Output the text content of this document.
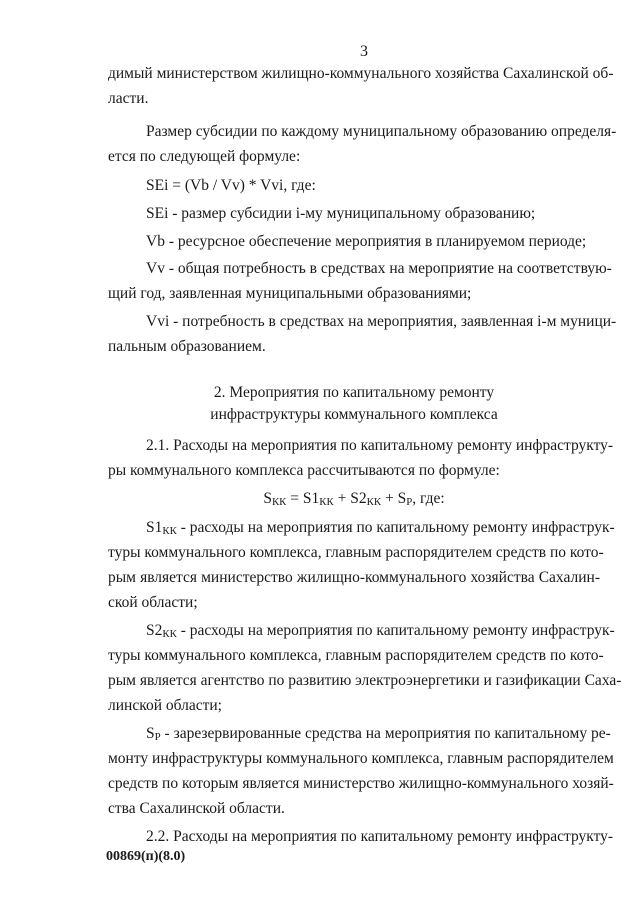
3
димый министерством жилищно-коммунального хозяйства Сахалинской об-
ласти.
Размер субсидии по каждому муниципальному образованию определя-
ется по следующей формуле:
SEi = (Vb / Vv) * Vvi, где:
SEi - размер субсидии i-му муниципальному образованию;
Vb - ресурсное обеспечение мероприятия в планируемом периоде;
Vv - общая потребность в средствах на мероприятие на соответствую-
щий год, заявленная муниципальными образованиями;
Vvi - потребность в средствах на мероприятия, заявленная i-м муници-
пальным образованием.
2. Мероприятия по капитальному ремонту
инфраструктуры коммунального комплекса
2.1. Расходы на мероприятия по капитальному ремонту инфраструкту-
ры коммунального комплекса рассчитываются по формуле:
$S_{КК} = S1_{КК} + S2_{КК} + S_Р$, где:
$S1_{КК}$ - расходы на мероприятия по капитальному ремонту инфраструк-
туры коммунального комплекса, главным распорядителем средств по кото-
рым является министерство жилищно-коммунального хозяйства Сахалин-
ской области;
$S2_{КК}$ - расходы на мероприятия по капитальному ремонту инфраструк-
туры коммунального комплекса, главным распорядителем средств по кото-
рым является агентство по развитию электроэнергетики и газификации Саха-
линской области;
$S_Р$ - зарезервированные средства на мероприятия по капитальному ре-
монту инфраструктуры коммунального комплекса, главным распорядителем
средств по которым является министерство жилищно-коммунального хозяй-
ства Сахалинской области.
2.2. Расходы на мероприятия по капитальному ремонту инфраструкту-
00869(п)(8.0)
